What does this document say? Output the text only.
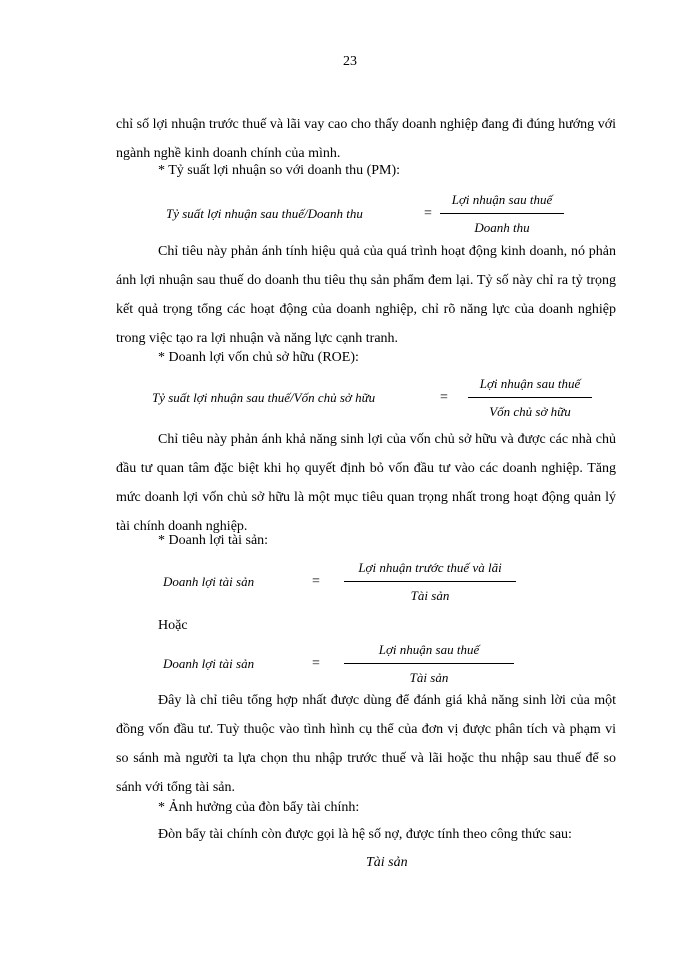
23

chỉ số lợi nhuận trước thuế và lãi vay cao cho thấy doanh nghiệp đang đi đúng hướng với ngành nghề kinh doanh chính của mình.

* Tỷ suất lợi nhuận so với doanh thu (PM):
Tỷ suất lợi nhuận sau thuế/Doanh thu	=
Lợi nhuận sau thuế
Doanh thu

Chỉ tiêu này phản ánh tính hiệu quả của quá trình hoạt động kinh doanh, nó phản ánh lợi nhuận sau thuế do doanh thu tiêu thụ sản phẩm đem lại. Tỷ số này chỉ ra tỷ trọng kết quả trọng tổng các hoạt động của doanh nghiệp, chỉ rõ năng lực của doanh nghiệp trong việc tạo ra lợi nhuận và năng lực cạnh tranh.

* Doanh lợi vốn chủ sở hữu (ROE):
Tỷ suất lợi nhuận sau thuế/Vốn chủ sở hữu	=
Lợi nhuận sau thuế
Vốn chủ sở hữu

Chỉ tiêu này phản ánh khả năng sinh lợi của vốn chủ sở hữu và được các nhà chủ đầu tư quan tâm đặc biệt khi họ quyết định bỏ vốn đầu tư vào các doanh nghiệp. Tăng mức doanh lợi vốn chủ sở hữu là một mục tiêu quan trọng nhất trong hoạt động quản lý tài chính doanh nghiệp.

* Doanh lợi tài sản:
Doanh lợi tài sản	=
Lợi nhuận trước thuế và lãi
Tài sản
Hoặc
Doanh lợi tài sản	=
Lợi nhuận sau thuế
Tài sản

Đây là chỉ tiêu tổng hợp nhất được dùng để đánh giá khả năng sinh lời của một đồng vốn đầu tư. Tuỳ thuộc vào tình hình cụ thể của đơn vị được phân tích và phạm vi so sánh mà người ta lựa chọn thu nhập trước thuế và lãi hoặc thu nhập sau thuế để so sánh với tổng tài sản.

* Ảnh hưởng của đòn bẩy tài chính:
Đòn bẩy tài chính còn được gọi là hệ số nợ, được tính theo công thức sau:
Tài sản
